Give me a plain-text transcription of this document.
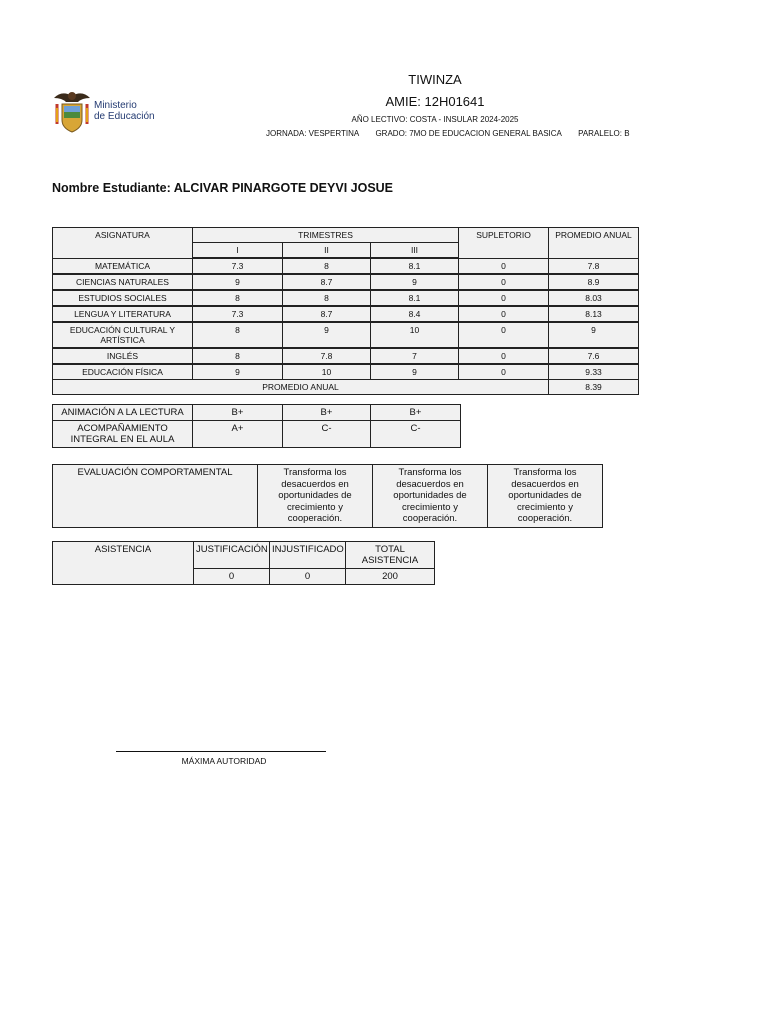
Ministerio
de Educación
TIWINZA
AMIE: 12H01641
AÑO LECTIVO: COSTA - INSULAR 2024-2025
JORNADA: VESPERTINA GRADO: 7MO DE EDUCACION GENERAL BASICA PARALELO: B
Nombre Estudiante: ALCIVAR PINARGOTE DEYVI JOSUE
ASIGNATURA	TRIMESTRES			SUPLETORIO	PROMEDIO ANUAL
	I	II	III		
MATEMÁTICA	7.3	8	8.1	0	7.8
CIENCIAS NATURALES	9	8.7	9	0	8.9
ESTUDIOS SOCIALES	8	8	8.1	0	8.03
LENGUA Y LITERATURA	7.3	8.7	8.4	0	8.13
EDUCACIÓN CULTURAL Y ARTÍSTICA	8	9	10	0	9
INGLÉS	8	7.8	7	0	7.6
EDUCACIÓN FÍSICA	9	10	9	0	9.33
PROMEDIO ANUAL					8.39
ANIMACIÓN A LA LECTURA	B+	B+	B+
ACOMPAÑAMIENTO INTEGRAL EN EL AULA	A+	C-	C-
EVALUACIÓN COMPORTAMENTAL	Transforma los desacuerdos en oportunidades de crecimiento y cooperación.	Transforma los desacuerdos en oportunidades de crecimiento y cooperación.	Transforma los desacuerdos en oportunidades de crecimiento y cooperación.
ASISTENCIA	JUSTIFICACIÓN	INJUSTIFICADO	TOTAL ASISTENCIA
	0	0	200
MÁXIMA AUTORIDAD
